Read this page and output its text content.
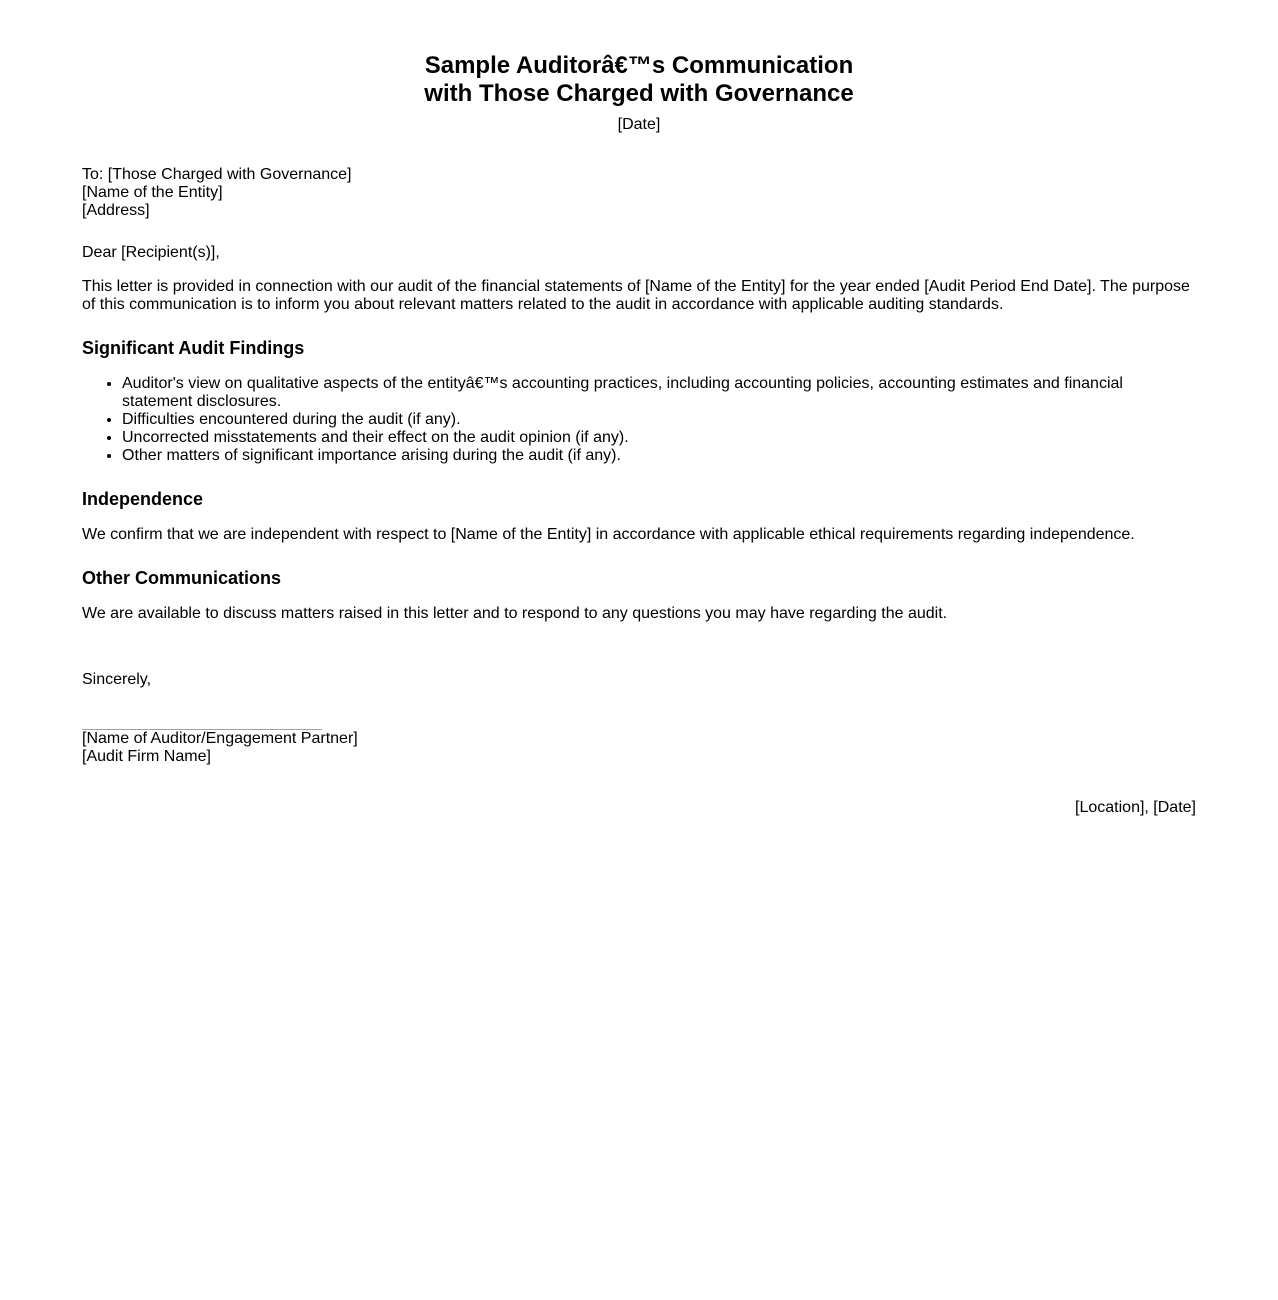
Sample Auditorâ€™s Communication
with Those Charged with Governance
[Date]
To: [Those Charged with Governance]
[Name of the Entity]
[Address]
Dear [Recipient(s)],

This letter is provided in connection with our audit of the financial statements of [Name of the Entity] for the year ended [Audit Period End Date]. The purpose of this communication is to inform you about relevant matters related to the audit in accordance with applicable auditing standards.

Significant Audit Findings
• Auditor's view on qualitative aspects of the entityâ€™s accounting practices, including accounting policies, accounting estimates and financial statement disclosures.
• Difficulties encountered during the audit (if any).
• Uncorrected misstatements and their effect on the audit opinion (if any).
• Other matters of significant importance arising during the audit (if any).
Independence

We confirm that we are independent with respect to [Name of the Entity] in accordance with applicable ethical requirements regarding independence.

Other Communications

We are available to discuss matters raised in this letter and to respond to any questions you may have regarding the audit.

Sincerely,
[Name of Auditor/Engagement Partner]
[Audit Firm Name]
[Location], [Date]
